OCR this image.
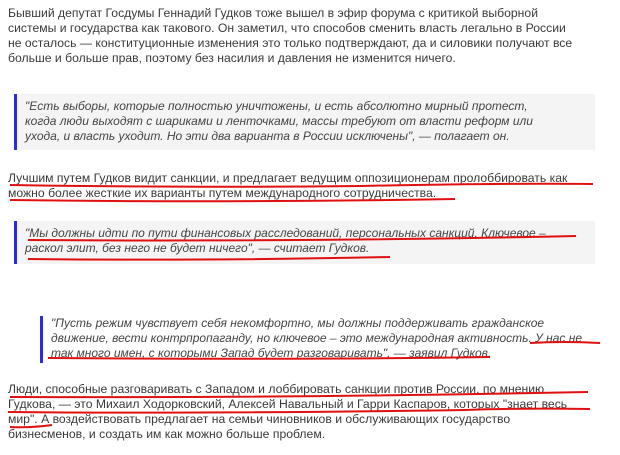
Бывший депутат Госдумы Геннадий Гудков тоже вышел в эфир форума с критикой выборной
системы и государства как такового. Он заметил, что способов сменить власть легально в России
не осталось — конституционные изменения это только подтверждают, да и силовики получают все
больше и больше прав, поэтому без насилия и давления не изменится ничего.
"Есть выборы, которые полностью уничтожены, и есть абсолютно мирный протест,
когда люди выходят с шариками и ленточками, массы требуют от власти реформ или
ухода, и власть уходит. Но эти два варианта в России исключены", — полагает он.
Лучшим путем Гудков видит санкции, и предлагает ведущим оппозиционерам пролоббировать как
можно более жесткие их варианты путем международного сотрудничества.
"Мы должны идти по пути финансовых расследований, персональных санкций. Ключевое –
раскол элит, без него не будет ничего", — считает Гудков.
"Пусть режим чувствует себя некомфортно, мы должны поддерживать гражданское
движение, вести контрпропаганду, но ключевое – это международная активность. У нас не
так много имен, с которыми Запад будет разговаривать", — заявил Гудков.
Люди, способные разговаривать с Западом и лоббировать санкции против России, по мнению
Гудкова, — это Михаил Ходорковский, Алексей Навальный и Гарри Каспаров, которых "знает весь
мир". А воздействовать предлагает на семьи чиновников и обслуживающих государство
бизнесменов, и создать им как можно больше проблем.
